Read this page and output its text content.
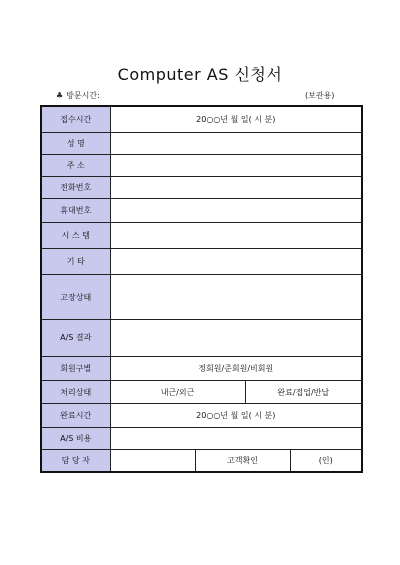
Computer AS 신청서
♣ 방문시간:	(보관용)
접수시간	20○○년 월 일( 시 분)			
성 명				
주 소				
전화번호				
휴대번호				
시 스 템				
기 타				
고장상태				
A/S 결과				
회원구별	정회원/준회원/비회원			
처리상태	내근/외근		완료/접업/반납	
완료시간	20○○년 월 일( 시 분)			
A/S 비용				
담 당 자		고객확인		(인)
